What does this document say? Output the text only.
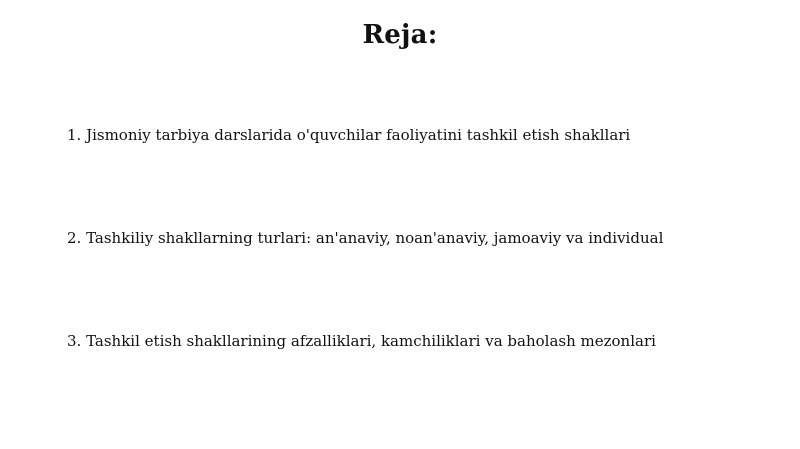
Reja:
1. Jismoniy tarbiya darslarida o'quvchilar faoliyatini tashkil etish shakllari
2. Tashkiliy shakllarning turlari: an'anaviy, noan'anaviy, jamoaviy va individual
3. Tashkil etish shakllarining afzalliklari, kamchiliklari va baholash mezonlari
